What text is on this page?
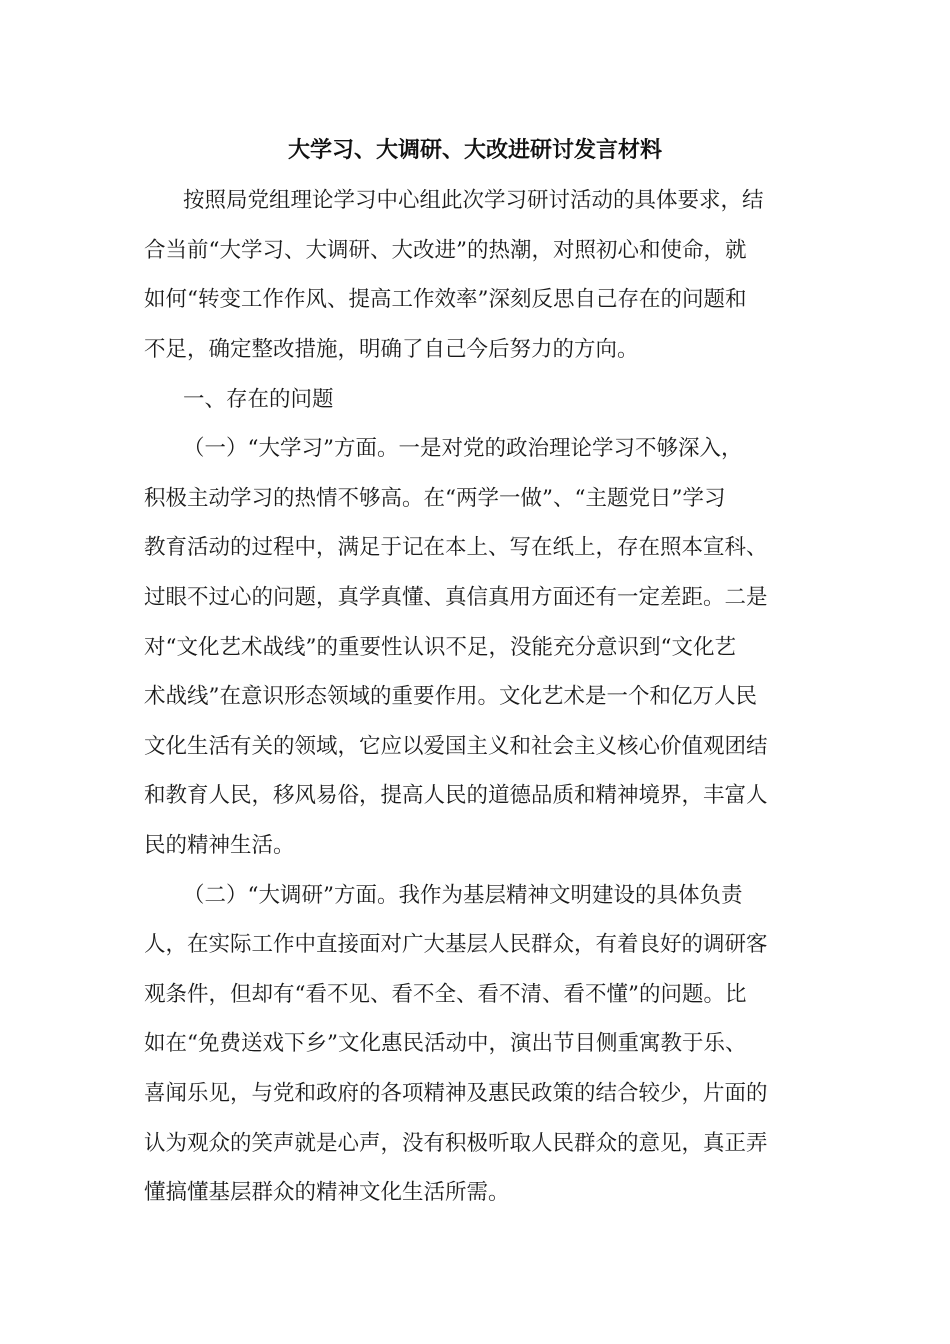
大学习、大调研、大改进研讨发言材料

按照局党组理论学习中心组此次学习研讨活动的具体要求，结

合当前“大学习、大调研、大改进”的热潮，对照初心和使命，就

如何“转变工作作风、提高工作效率”深刻反思自己存在的问题和

不足，确定整改措施，明确了自己今后努力的方向。

一、存在的问题

（一）“大学习”方面。一是对党的政治理论学习不够深入，

积极主动学习的热情不够高。在“两学一做”、“主题党日”学习

教育活动的过程中，满足于记在本上、写在纸上，存在照本宣科、

过眼不过心的问题，真学真懂、真信真用方面还有一定差距。二是

对“文化艺术战线”的重要性认识不足，没能充分意识到“文化艺

术战线”在意识形态领域的重要作用。文化艺术是一个和亿万人民

文化生活有关的领域，它应以爱国主义和社会主义核心价值观团结

和教育人民，移风易俗，提高人民的道德品质和精神境界，丰富人

民的精神生活。

（二）“大调研”方面。我作为基层精神文明建设的具体负责

人，在实际工作中直接面对广大基层人民群众，有着良好的调研客

观条件，但却有“看不见、看不全、看不清、看不懂”的问题。比

如在“免费送戏下乡”文化惠民活动中，演出节目侧重寓教于乐、

喜闻乐见，与党和政府的各项精神及惠民政策的结合较少，片面的

认为观众的笑声就是心声，没有积极听取人民群众的意见，真正弄

懂搞懂基层群众的精神文化生活所需。
